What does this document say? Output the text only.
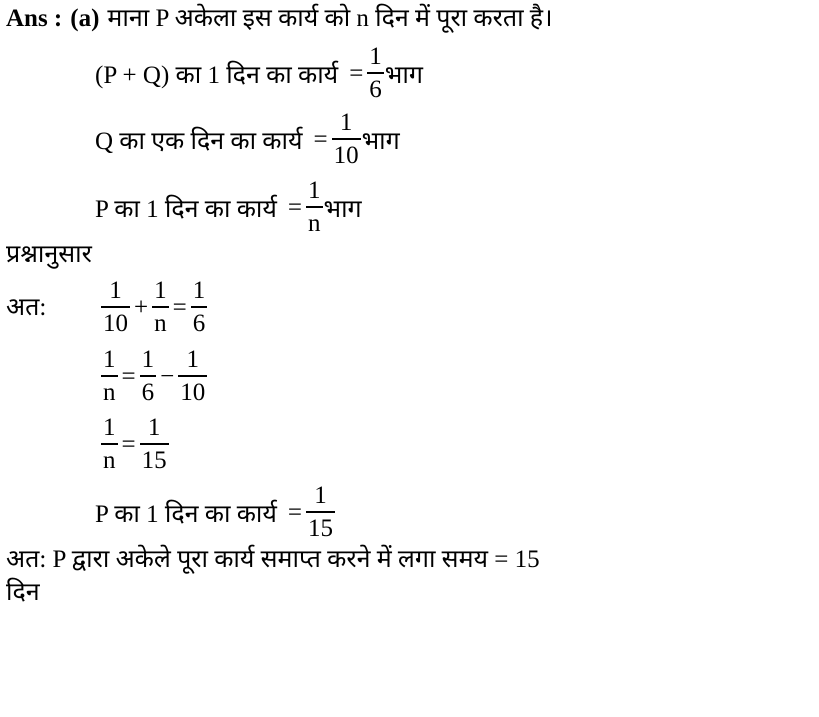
Ans : (a) माना P अकेला इस कार्य को n दिन में पूरा करता है।
(P + Q) का 1 दिन का कार्य = $\frac{1}{6}$ भाग
Q का एक दिन का कार्य = $\frac{1}{10}$ भाग
P का 1 दिन का कार्य = $\frac{1}{n}$ भाग
प्रश्नानुसार
अत: $\frac{1}{10} + \frac{1}{n} = \frac{1}{6}$
$\frac{1}{n} = \frac{1}{6} - \frac{1}{10}$
$\frac{1}{n} = \frac{1}{15}$
P का 1 दिन का कार्य = $\frac{1}{15}$
अत: P द्वारा अकेले पूरा कार्य समाप्त करने में लगा समय = 15
दिन
